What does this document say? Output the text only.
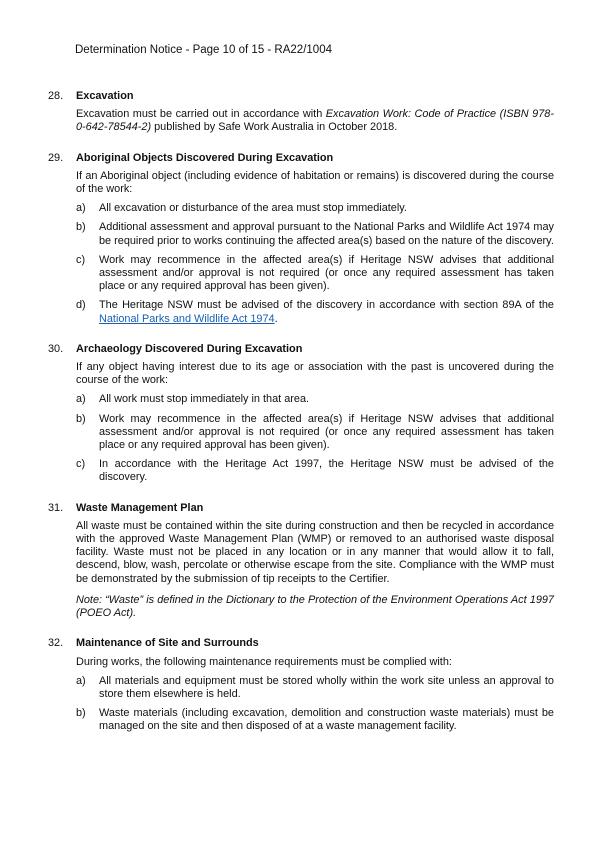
Determination Notice - Page 10 of 15 - RA22/1004
28.	Excavation

Excavation must be carried out in accordance with Excavation Work: Code of Practice (ISBN 978-0-642-78544-2) published by Safe Work Australia in October 2018.

29.	Aboriginal Objects Discovered During Excavation

If an Aboriginal object (including evidence of habitation or remains) is discovered during the course of the work:

a)	All excavation or disturbance of the area must stop immediately.
b)	Additional assessment and approval pursuant to the National Parks and Wildlife Act 1974 may be required prior to works continuing the affected area(s) based on the nature of the discovery.
c)	Work may recommence in the affected area(s) if Heritage NSW advises that additional assessment and/or approval is not required (or once any required assessment has taken place or any required approval has been given).
d)	The Heritage NSW must be advised of the discovery in accordance with section 89A of the National Parks and Wildlife Act 1974.
30.	Archaeology Discovered During Excavation

If any object having interest due to its age or association with the past is uncovered during the course of the work:

a)	All work must stop immediately in that area.
b)	Work may recommence in the affected area(s) if Heritage NSW advises that additional assessment and/or approval is not required (or once any required assessment has taken place or any required approval has been given).
c)	In accordance with the Heritage Act 1997, the Heritage NSW must be advised of the discovery.
31.	Waste Management Plan

All waste must be contained within the site during construction and then be recycled in accordance with the approved Waste Management Plan (WMP) or removed to an authorised waste disposal facility. Waste must not be placed in any location or in any manner that would allow it to fall, descend, blow, wash, percolate or otherwise escape from the site. Compliance with the WMP must be demonstrated by the submission of tip receipts to the Certifier.

Note: “Waste” is defined in the Dictionary to the Protection of the Environment Operations Act 1997 (POEO Act).

32.	Maintenance of Site and Surrounds

During works, the following maintenance requirements must be complied with:

a)	All materials and equipment must be stored wholly within the work site unless an approval to store them elsewhere is held.
b)	Waste materials (including excavation, demolition and construction waste materials) must be managed on the site and then disposed of at a waste management facility.
